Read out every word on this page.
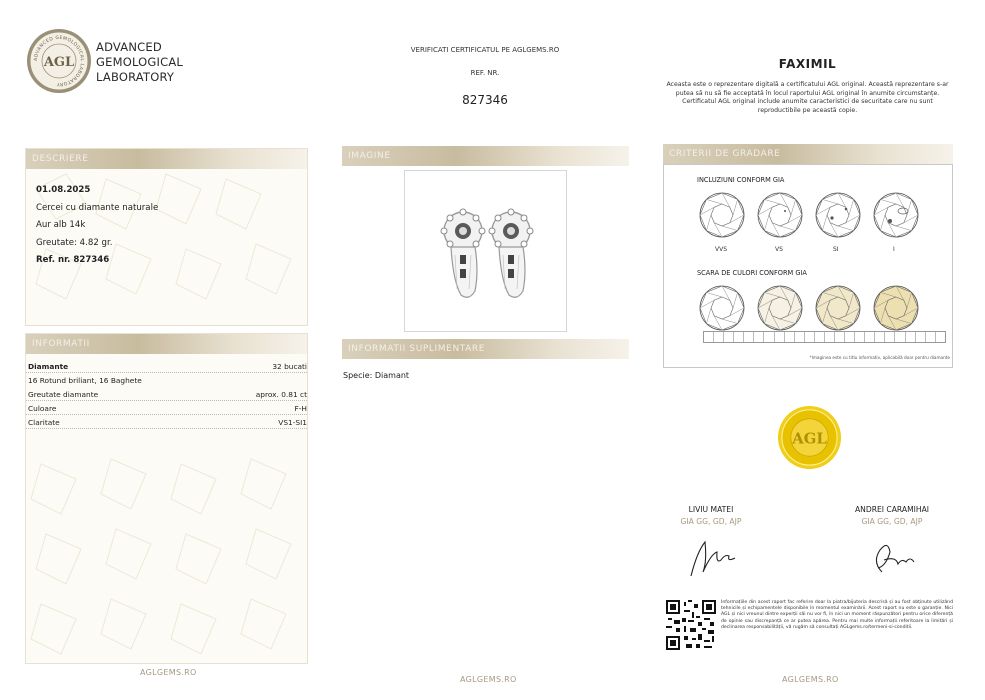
ADVANCED GEMOLOGICAL LABORATORY
AGL
ADVANCED
GEMOLOGICAL
LABORATORY
VERIFICATI CERTIFICATUL PE AGLGEMS.RO
REF. NR.
827346
FAXIMIL
Aceasta este o reprezentare digitală a certificatului AGL original. Această reprezentare s-ar putea să nu să fie acceptată în locul raportului AGL original în anumite circumstanțe. Certificatul AGL original include anumite caracteristici de securitate care nu sunt reproductibile pe această copie.
DESCRIERE
01.08.2025
Cercei cu diamante naturale
Aur alb 14k
Greutate: 4.82 gr.
Ref. nr. 827346
INFORMATII
Diamante	32 bucati
16 Rotund briliant, 16 Baghete
Greutate diamante	aprox. 0.81 ct
Culoare	F-H
Claritate	VS1-SI1
IMAGINE
INFORMATII SUPLIMENTARE
Specie: Diamant
CRITERII DE GRADARE
INCLUZIUNI CONFORM GIA
SCARA DE CULORI CONFORM GIA
VVS	VS	SI	I
*Imaginea este cu titlu informativ, aplicabilă doar pentru diamante
AGL
LIVIU MATEI
GIA GG, GD, AJP
ANDREI CARAMIHAI
GIA GG, GD, AJP
Informațiile din acest raport fac referire doar la piatra/bijuteria descrisă și au fost obținute utilizând tehnicile și echipamentele disponibile în momentul examinării. Acest raport nu este o garanție. Nici AGL și nici vreunul dintre experții săi nu vor fi, în nici un moment răspunzători pentru orice diferență de opinie sau discrepanță ce ar putea apărea. Pentru mai multe informații referitoare la limitări și declinarea responsabilității, vă rugăm să consultați AGLgems.ro/termeni-si-conditii.
AGLGEMS.RO
AGLGEMS.RO	AGLGEMS.RO
